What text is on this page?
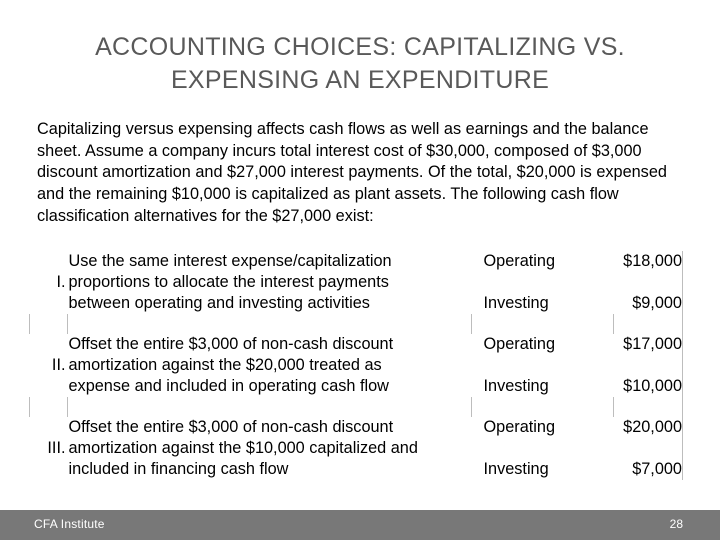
ACCOUNTING CHOICES: CAPITALIZING VS. EXPENSING AN EXPENDITURE
Capitalizing versus expensing affects cash flows as well as earnings and the balance sheet. Assume a company incurs total interest cost of $30,000, composed of $3,000 discount amortization and $27,000 interest payments. Of the total, $20,000 is expensed and the remaining $10,000 is capitalized as plant assets. The following cash flow classification alternatives for the $27,000 exist:
	Use the same interest expense/capitalization	Operating	$18,000
I.	proportions to allocate the interest payments		
	between operating and investing activities	Investing	$9,000

	Offset the entire $3,000 of non-cash discount	Operating	$17,000
II.	amortization against the $20,000 treated as		
	expense and included in operating cash flow	Investing	$10,000

	Offset the entire $3,000 of non-cash discount	Operating	$20,000
III.	amortization against the $10,000 capitalized and		
	included in financing cash flow	Investing	$7,000
CFA Institute	28
